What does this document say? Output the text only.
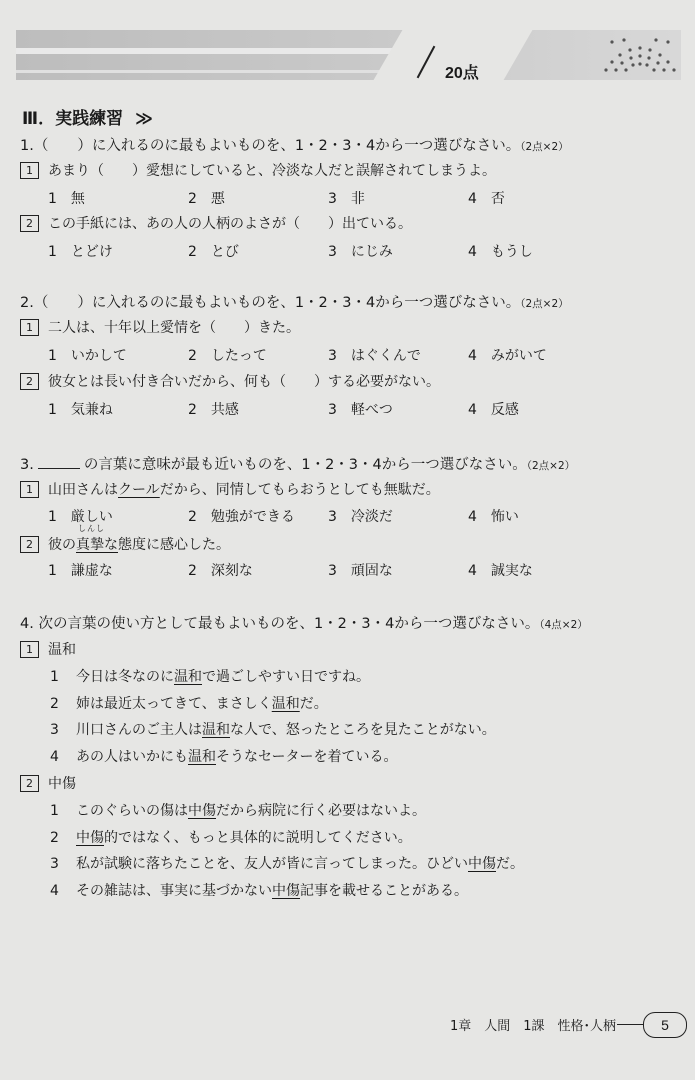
20点
Ⅲ．実践練習 ≫
1.（　　）に入れるのに最もよいものを、1・2・3・4から一つ選びなさい。（2点×2）
1 あまり（　　）愛想にしていると、冷淡な人だと誤解されてしまうよ。
1　無	2　悪	3　非	4　否
2 この手紙には、あの人の人柄のよさが（　　）出ている。
1　とどけ	2　とび	3　にじみ	4　もうし
2.（　　）に入れるのに最もよいものを、1・2・3・4から一つ選びなさい。（2点×2）
1 二人は、十年以上愛情を（　　）きた。
1　いかして	2　したって	3　はぐくんで	4　みがいて
2 彼女とは長い付き合いだから、何も（　　）する必要がない。
1　気兼ね	2　共感	3　軽べつ	4　反感
3.	の言葉に意味が最も近いものを、1・2・3・4から一つ選びなさい。（2点×2）
1 山田さんはクールだから、同情してもらおうとしても無駄だ。
1　厳しい	2　勉強ができる 3　冷淡だ	4　怖い
2 彼の
しんし
真摯な態度に感心した。
1　謙虚な	2　深刻な	3　頑固な	4　誠実な
4. 次の言葉の使い方として最もよいものを、1・2・3・4から一つ選びなさい。（4点×2）
1 温和
1 今日は冬なのに温和で過ごしやすい日ですね。
2 姉は最近太ってきて、まさしく温和だ。
3 川口さんのご主人は温和な人で、怒ったところを見たことがない。
4 あの人はいかにも温和そうなセーターを着ている。
2 中傷
1 このぐらいの傷は中傷だから病院に行く必要はないよ。
2 中傷的ではなく、もっと具体的に説明してください。
3 私が試験に落ちたことを、友人が皆に言ってしまった。ひどい中傷だ。
4 その雑誌は、事実に基づかない中傷記事を載せることがある。
1章　人間　1課　性格･人柄	5
